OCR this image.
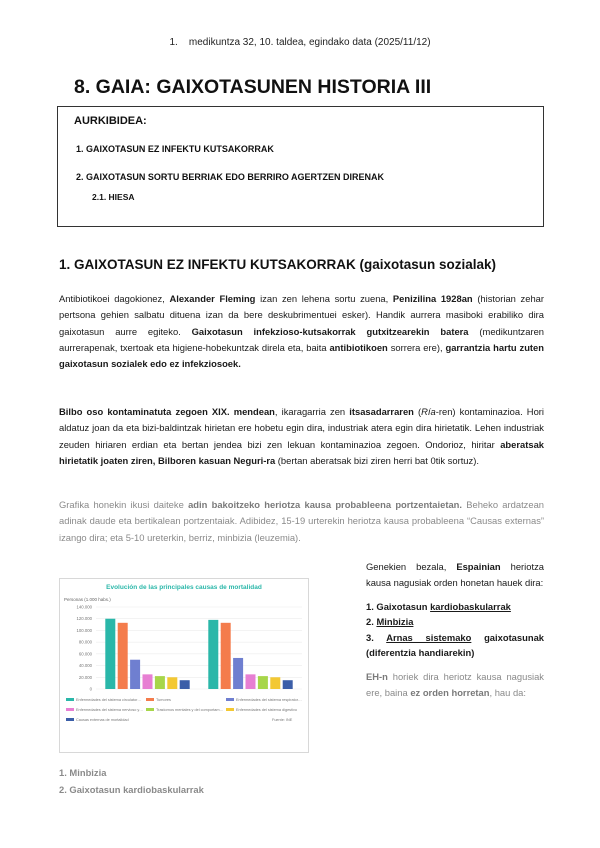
1.    medikuntza 32, 10. taldea, egindako data (2025/11/12)
8. GAIA: GAIXOTASUNEN HISTORIA III
AURKIBIDEA:
1. GAIXOTASUN EZ INFEKTU KUTSAKORRAK
2. GAIXOTASUN SORTU BERRIAK EDO BERRIRO AGERTZEN DIRENAK
2.1. HIESA
1. GAIXOTASUN EZ INFEKTU KUTSAKORRAK (gaixotasun sozialak)
Antibiotikoei dagokionez, Alexander Fleming izan zen lehena sortu zuena, Penizilina 1928an (historian zehar pertsona gehien salbatu dituena izan da bere deskubrimentuei esker). Handik aurrera masiboki erabiliko dira gaixotasun aurre egiteko. Gaixotasun infekzioso-kutsakorrak gutxitzearekin batera (medikuntzaren aurrerapenak, txertoak eta higiene-hobekuntzak direla eta, baita antibiotikoen sorrera ere), garrantzia hartu zuten gaixotasun sozialek edo ez infekziosoek.
Bilbo oso kontaminatuta zegoen XIX. mendean, ikaragarria zen itsasadarraren (Ría-ren) kontaminazioa. Hori aldatuz joan da eta bizi-baldintzak hirietan ere hobetu egin dira, industriak atera egin dira hirietatik. Lehen industriak zeuden hiriaren erdian eta bertan jendea bizi zen lekuan kontaminazioa zegoen. Ondorioz, hiritar aberatsak hirietatik joaten ziren, Bilboren kasuan Neguri-ra (bertan aberatsak bizi ziren herri bat 0tik sortuz).
Grafika honekin ikusi daiteke adin bakoitzeko heriotza kausa probableena portzentaietan. Beheko ardatzean adinak daude eta bertikalean portzentaiak. Adibidez, 15-19 urterekin heriotza kausa probableena “Causas externas” izango dira; eta 5-10 ureterkin, berriz, minbizia (leuzemia).
Evolución de las principales causas de mortalidad
Personas (1.000 habs.)
0
20.000
40.000
60.000
80.000
100.000
120.000
140.000
Enfermedades del sistema circulator…	Tumores	Enfermedades del sistema respirator…
Enfermedades del sistema nervioso y…	Trastornos mentales y del comportam…	Enfermedades del sistema digestivo
Causas externas de mortalidad	Fuente: INE
Genekien bezala, Espainian heriotza kausa nagusiak orden honetan hauek dira:
1. Gaixotasun kardiobaskularrak
2. Minbizia
3. Arnas sistemako gaixotasunak (diferentzia handiarekin)
EH-n horiek dira heriotz kausa nagusiak ere, baina ez orden horretan, hau da:
1. Minbizia
2. Gaixotasun kardiobaskularrak
